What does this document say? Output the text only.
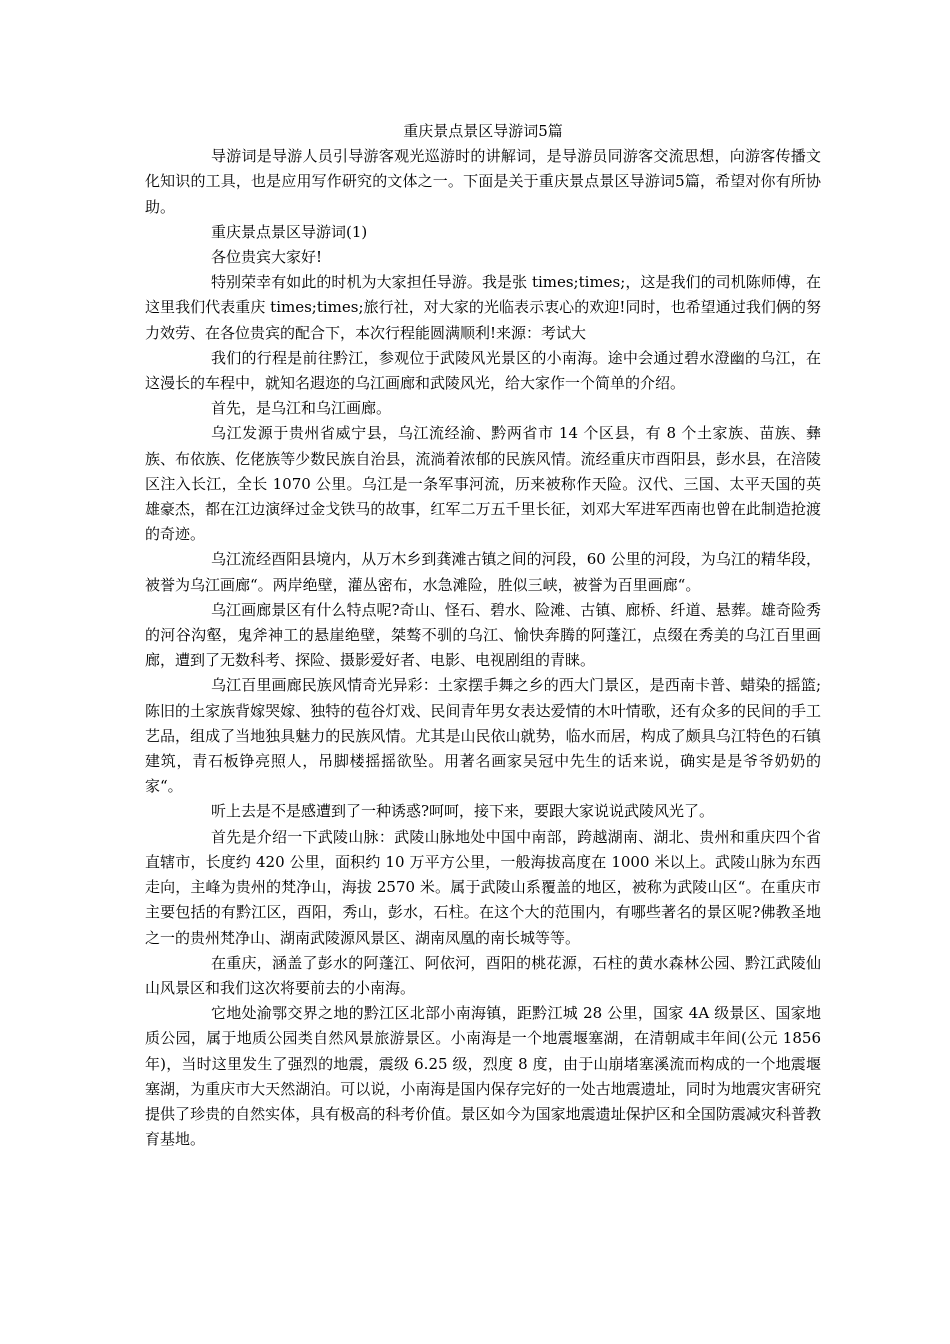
重庆景点景区导游词5篇

导游词是导游人员引导游客观光巡游时的讲解词，是导游员同游客交流思想，向游客传播文化知识的工具，也是应用写作研究的文体之一。下面是关于重庆景点景区导游词5篇，希望对你有所协助。

重庆景点景区导游词(1)

各位贵宾大家好!

特别荣幸有如此的时机为大家担任导游。我是张 times;times;，这是我们的司机陈师傅，在这里我们代表重庆 times;times;旅行社，对大家的光临表示衷心的欢迎!同时，也希望通过我们俩的努力效劳、在各位贵宾的配合下，本次行程能圆满顺利!来源：考试大

我们的行程是前往黔江，参观位于武陵风光景区的小南海。途中会通过碧水澄幽的乌江，在这漫长的车程中，就知名遐迩的乌江画廊和武陵风光，给大家作一个简单的介绍。

首先，是乌江和乌江画廊。

乌江发源于贵州省威宁县，乌江流经渝、黔两省市 14 个区县，有 8 个土家族、苗族、彝族、布依族、仡佬族等少数民族自治县，流淌着浓郁的民族风情。流经重庆市酉阳县，彭水县，在涪陵区注入长江，全长 1070 公里。乌江是一条军事河流，历来被称作天险。汉代、三国、太平天国的英雄豪杰，都在江边演绎过金戈铁马的故事，红军二万五千里长征，刘邓大军进军西南也曾在此制造抢渡的奇迹。

乌江流经酉阳县境内，从万木乡到龚滩古镇之间的河段，60 公里的河段，为乌江的精华段，被誉为乌江画廊“。两岸绝壁，灌丛密布，水急滩险，胜似三峡，被誉为百里画廊“。

乌江画廊景区有什么特点呢?奇山、怪石、碧水、险滩、古镇、廊桥、纤道、悬葬。雄奇险秀的河谷沟壑，鬼斧神工的悬崖绝壁，桀骜不驯的乌江、愉快奔腾的阿蓬江，点缀在秀美的乌江百里画廊，遭到了无数科考、探险、摄影爱好者、电影、电视剧组的青睐。

乌江百里画廊民族风情奇光异彩：土家摆手舞之乡的西大门景区，是西南卡普、蜡染的摇篮;陈旧的土家族背嫁哭嫁、独特的苞谷灯戏、民间青年男女表达爱情的木叶情歌，还有众多的民间的手工艺品，组成了当地独具魅力的民族风情。尤其是山民依山就势，临水而居，构成了颇具乌江特色的石镇建筑，青石板铮亮照人，吊脚楼摇摇欲坠。用著名画家吴冠中先生的话来说，确实是是爷爷奶奶的家“。

听上去是不是感遭到了一种诱惑?呵呵，接下来，要跟大家说说武陵风光了。

首先是介绍一下武陵山脉：武陵山脉地处中国中南部，跨越湖南、湖北、贵州和重庆四个省直辖市，长度约 420 公里，面积约 10 万平方公里，一般海拔高度在 1000 米以上。武陵山脉为东西走向，主峰为贵州的梵净山，海拔 2570 米。属于武陵山系覆盖的地区，被称为武陵山区“。在重庆市主要包括的有黔江区，酉阳，秀山，彭水，石柱。在这个大的范围内，有哪些著名的景区呢?佛教圣地之一的贵州梵净山、湖南武陵源风景区、湖南凤凰的南长城等等。

在重庆，涵盖了彭水的阿蓬江、阿依河，酉阳的桃花源，石柱的黄水森林公园、黔江武陵仙山风景区和我们这次将要前去的小南海。

它地处渝鄂交界之地的黔江区北部小南海镇，距黔江城 28 公里，国家 4A 级景区、国家地质公园，属于地质公园类自然风景旅游景区。小南海是一个地震堰塞湖，在清朝咸丰年间(公元 1856 年)，当时这里发生了强烈的地震，震级 6.25 级，烈度 8 度，由于山崩堵塞溪流而构成的一个地震堰塞湖，为重庆市大天然湖泊。可以说，小南海是国内保存完好的一处古地震遗址，同时为地震灾害研究提供了珍贵的自然实体，具有极高的科考价值。景区如今为国家地震遗址保护区和全国防震减灾科普教育基地。
